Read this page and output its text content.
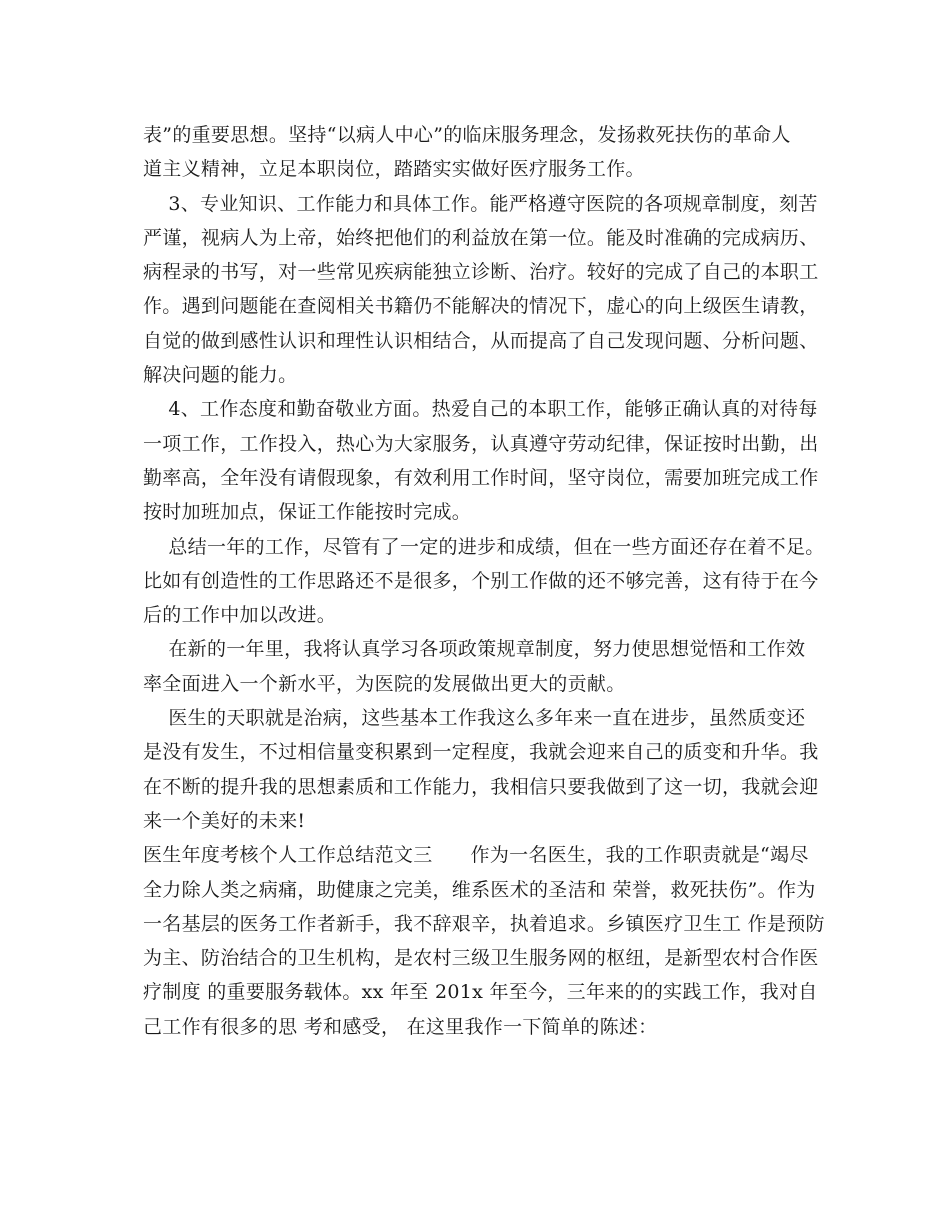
表”的重要思想。坚持“以病人中心”的临床服务理念，发扬救死扶伤的革命人
道主义精神，立足本职岗位，踏踏实实做好医疗服务工作。
3、专业知识、工作能力和具体工作。能严格遵守医院的各项规章制度，刻苦
严谨，视病人为上帝，始终把他们的利益放在第一位。能及时准确的完成病历、
病程录的书写，对一些常见疾病能独立诊断、治疗。较好的完成了自己的本职工
作。遇到问题能在查阅相关书籍仍不能解决的情况下，虚心的向上级医生请教，
自觉的做到感性认识和理性认识相结合，从而提高了自己发现问题、分析问题、
解决问题的能力。
4、工作态度和勤奋敬业方面。热爱自己的本职工作，能够正确认真的对待每
一项工作，工作投入，热心为大家服务，认真遵守劳动纪律，保证按时出勤，出
勤率高，全年没有请假现象，有效利用工作时间，坚守岗位，需要加班完成工作
按时加班加点，保证工作能按时完成。
总结一年的工作，尽管有了一定的进步和成绩，但在一些方面还存在着不足。
比如有创造性的工作思路还不是很多，个别工作做的还不够完善，这有待于在今
后的工作中加以改进。
在新的一年里，我将认真学习各项政策规章制度，努力使思想觉悟和工作效
率全面进入一个新水平，为医院的发展做出更大的贡献。
医生的天职就是治病，这些基本工作我这么多年来一直在进步，虽然质变还
是没有发生，不过相信量变积累到一定程度，我就会迎来自己的质变和升华。我
在不断的提升我的思想素质和工作能力，我相信只要我做到了这一切，我就会迎
来一个美好的未来!
医生年度考核个人工作总结范文三      作为一名医生，我的工作职责就是“竭尽
全力除人类之病痛，助健康之完美，维系医术的圣洁和 荣誉，救死扶伤”。作为
一名基层的医务工作者新手，我不辞艰辛，执着追求。乡镇医疗卫生工 作是预防
为主、防治结合的卫生机构，是农村三级卫生服务网的枢纽，是新型农村合作医
疗制度 的重要服务载体。xx 年至 201x 年至今，三年来的的实践工作，我对自
己工作有很多的思 考和感受， 在这里我作一下简单的陈述：
